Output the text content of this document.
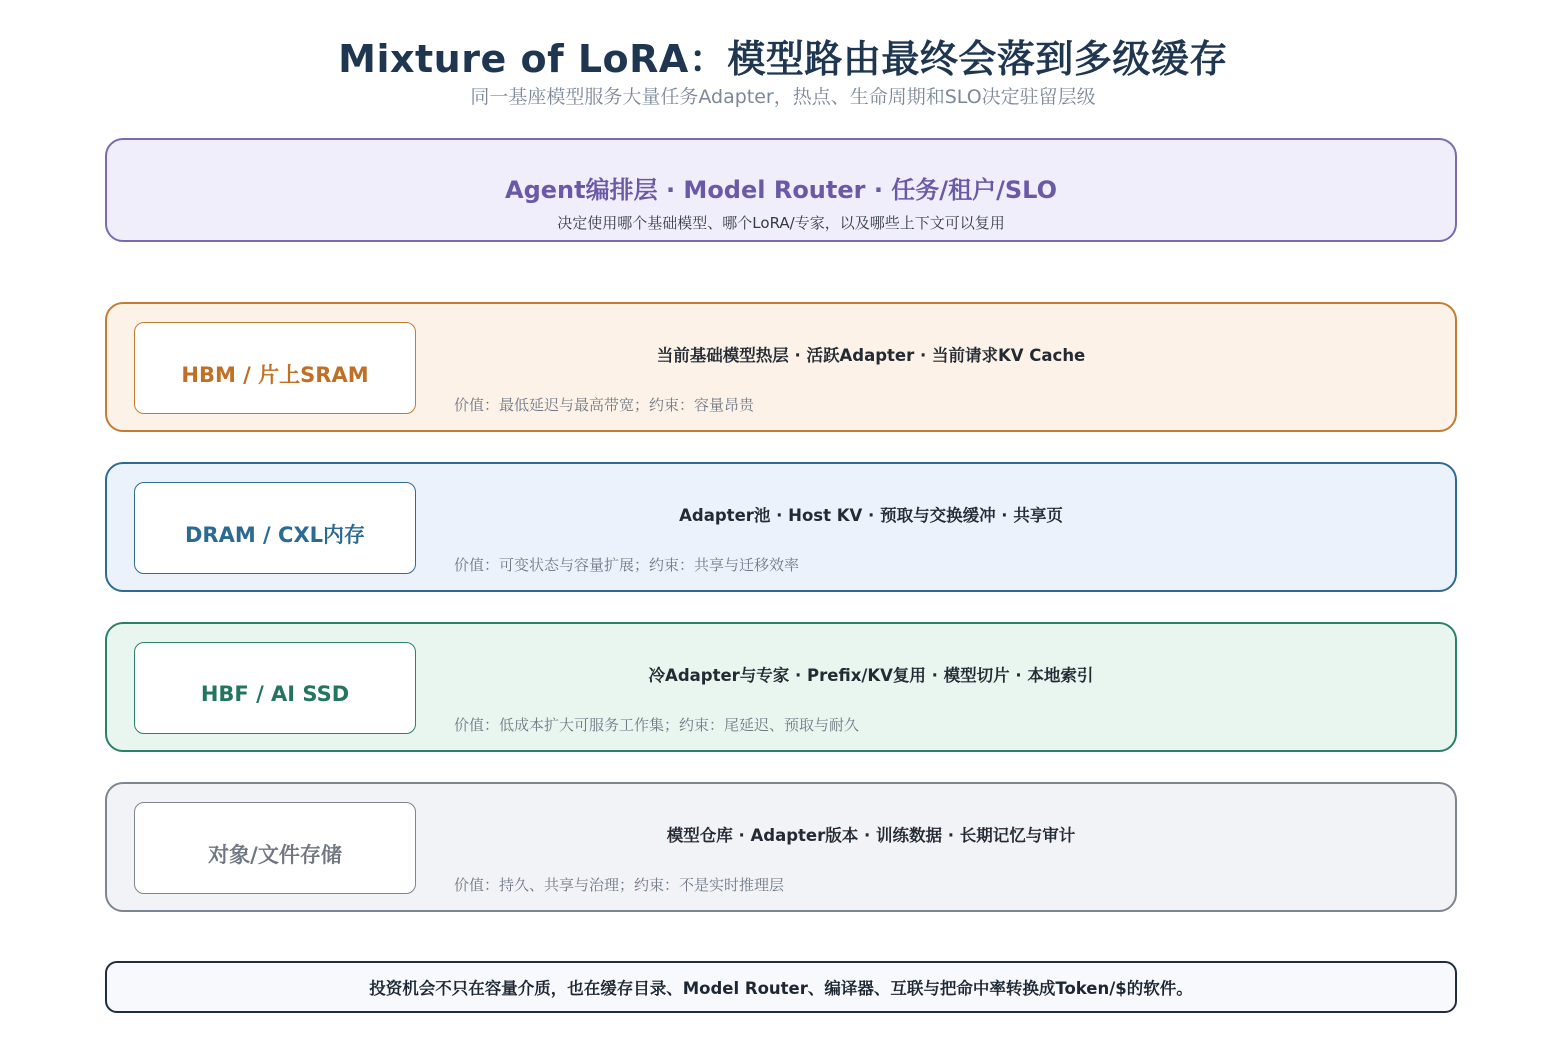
Mixture of LoRA：模型路由最终会落到多级缓存
同一基座模型服务大量任务Adapter，热点、生命周期和SLO决定驻留层级
Agent编排层 · Model Router · 任务/租户/SLO
决定使用哪个基础模型、哪个LoRA/专家，以及哪些上下文可以复用
HBM / 片上SRAM
当前基础模型热层 · 活跃Adapter · 当前请求KV Cache
价值：最低延迟与最高带宽；约束：容量昂贵
DRAM / CXL内存
Adapter池 · Host KV · 预取与交换缓冲 · 共享页
价值：可变状态与容量扩展；约束：共享与迁移效率
HBF / AI SSD
冷Adapter与专家 · Prefix/KV复用 · 模型切片 · 本地索引
价值：低成本扩大可服务工作集；约束：尾延迟、预取与耐久
对象/文件存储
模型仓库 · Adapter版本 · 训练数据 · 长期记忆与审计
价值：持久、共享与治理；约束：不是实时推理层
投资机会不只在容量介质，也在缓存目录、Model Router、编译器、互联与把命中率转换成Token/$的软件。
